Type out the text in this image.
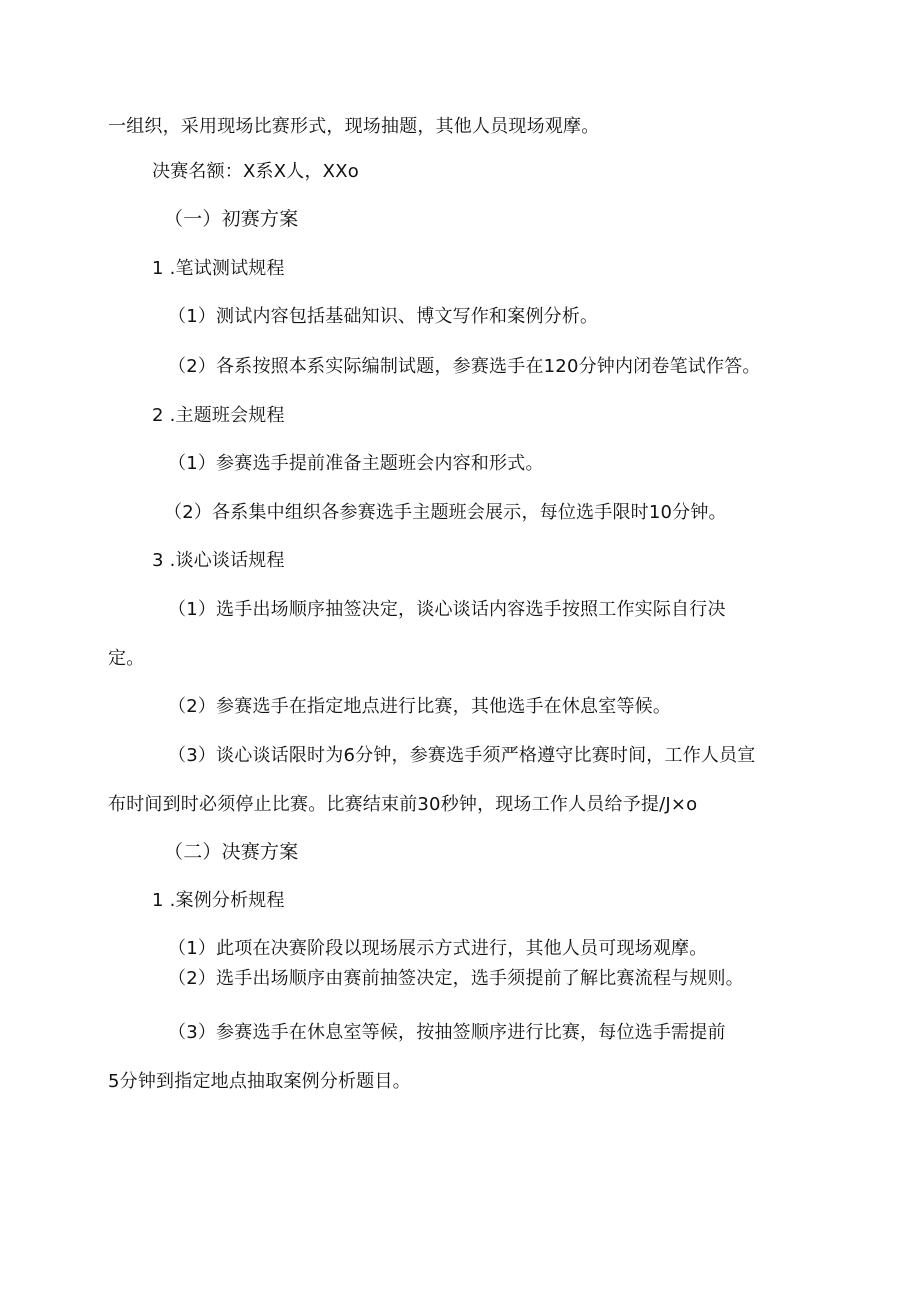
一组织，采用现场比赛形式，现场抽题，其他人员现场观摩。
决赛名额：X系X人，XXo
（一）初赛方案
1 .笔试测试规程
（1）测试内容包括基础知识、博文写作和案例分析。
（2）各系按照本系实际编制试题，参赛选手在120分钟内闭卷笔试作答。
2 .主题班会规程
（1）参赛选手提前准备主题班会内容和形式。
（2）各系集中组织各参赛选手主题班会展示，每位选手限时10分钟。
3 .谈心谈话规程
（1）选手出场顺序抽签决定，谈心谈话内容选手按照工作实际自行决
定。
（2）参赛选手在指定地点进行比赛，其他选手在休息室等候。
（3）谈心谈话限时为6分钟，参赛选手须严格遵守比赛时间，工作人员宣
布时间到时必须停止比赛。比赛结束前30秒钟，现场工作人员给予提/J×o
（二）决赛方案
1 .案例分析规程
（1）此项在决赛阶段以现场展示方式进行，其他人员可现场观摩。
（2）选手出场顺序由赛前抽签决定，选手须提前了解比赛流程与规则。
（3）参赛选手在休息室等候，按抽签顺序进行比赛，每位选手需提前
5分钟到指定地点抽取案例分析题目。
